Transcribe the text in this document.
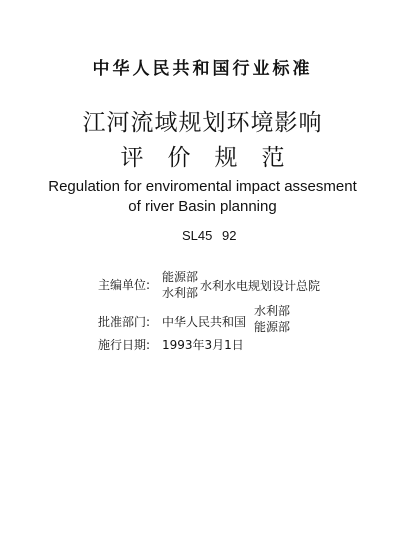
中华人民共和国行业标准
江河流域规划环境影响
评价规范
Regulation for enviromental impact assesment
of river Basin planning
SL45 92
主编单位:
能源部
水利部 水利水电规划设计总院
批准部门: 中华人民共和国
水利部
能源部
施行日期: 1993年3月1日
